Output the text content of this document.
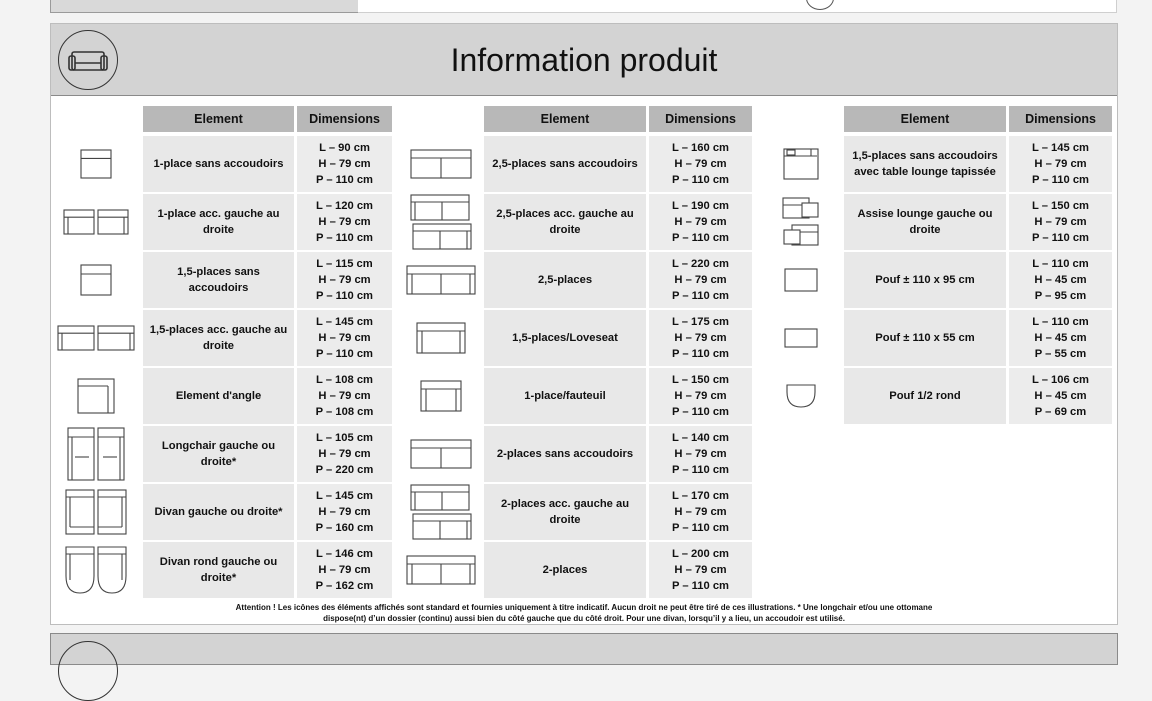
Information produit
Element	Dimensions
1-place sans accoudoirs
L – 90 cm
H – 79 cm
P – 110 cm
1-place acc. gauche au droite
L – 120 cm
H – 79 cm
P – 110 cm
1,5-places sans accoudoirs
L – 115 cm
H – 79 cm
P – 110 cm
1,5-places acc. gauche au droite
L – 145 cm
H – 79 cm
P – 110 cm
Element d'angle
L – 108 cm
H – 79 cm
P – 108 cm
Longchair gauche ou droite*
L – 105 cm
H – 79 cm
P – 220 cm
Divan gauche ou droite*
L – 145 cm
H – 79 cm
P – 160 cm
Divan rond gauche ou droite*
L – 146 cm
H – 79 cm
P – 162 cm
Element	Dimensions
2,5-places sans accoudoirs
L – 160 cm
H – 79 cm
P – 110 cm
2,5-places acc. gauche au droite
L – 190 cm
H – 79 cm
P – 110 cm
2,5-places
L – 220 cm
H – 79 cm
P – 110 cm
1,5-places/Loveseat
L – 175 cm
H – 79 cm
P – 110 cm
1-place/fauteuil
L – 150 cm
H – 79 cm
P – 110 cm
2-places sans accoudoirs
L – 140 cm
H – 79 cm
P – 110 cm
2-places acc. gauche au droite
L – 170 cm
H – 79 cm
P – 110 cm
2-places
L – 200 cm
H – 79 cm
P – 110 cm
Element	Dimensions
1,5-places sans accoudoirs avec table lounge tapissée
L – 145 cm
H – 79 cm
P – 110 cm
Assise lounge gauche ou droite
L – 150 cm
H – 79 cm
P – 110 cm
Pouf ± 110 x 95 cm
L – 110 cm
H – 45 cm
P – 95 cm
Pouf ± 110 x 55 cm
L – 110 cm
H – 45 cm
P – 55 cm
Pouf 1/2 rond
L – 106 cm
H – 45 cm
P – 69 cm
Attention ! Les icônes des éléments affichés sont standard et fournies uniquement à titre indicatif. Aucun droit ne peut être tiré de ces illustrations. * Une longchair et/ou une ottomane
dispose(nt) d’un dossier (continu) aussi bien du côté gauche que du côté droit. Pour une divan, lorsqu’il y a lieu, un accoudoir est utilisé.
